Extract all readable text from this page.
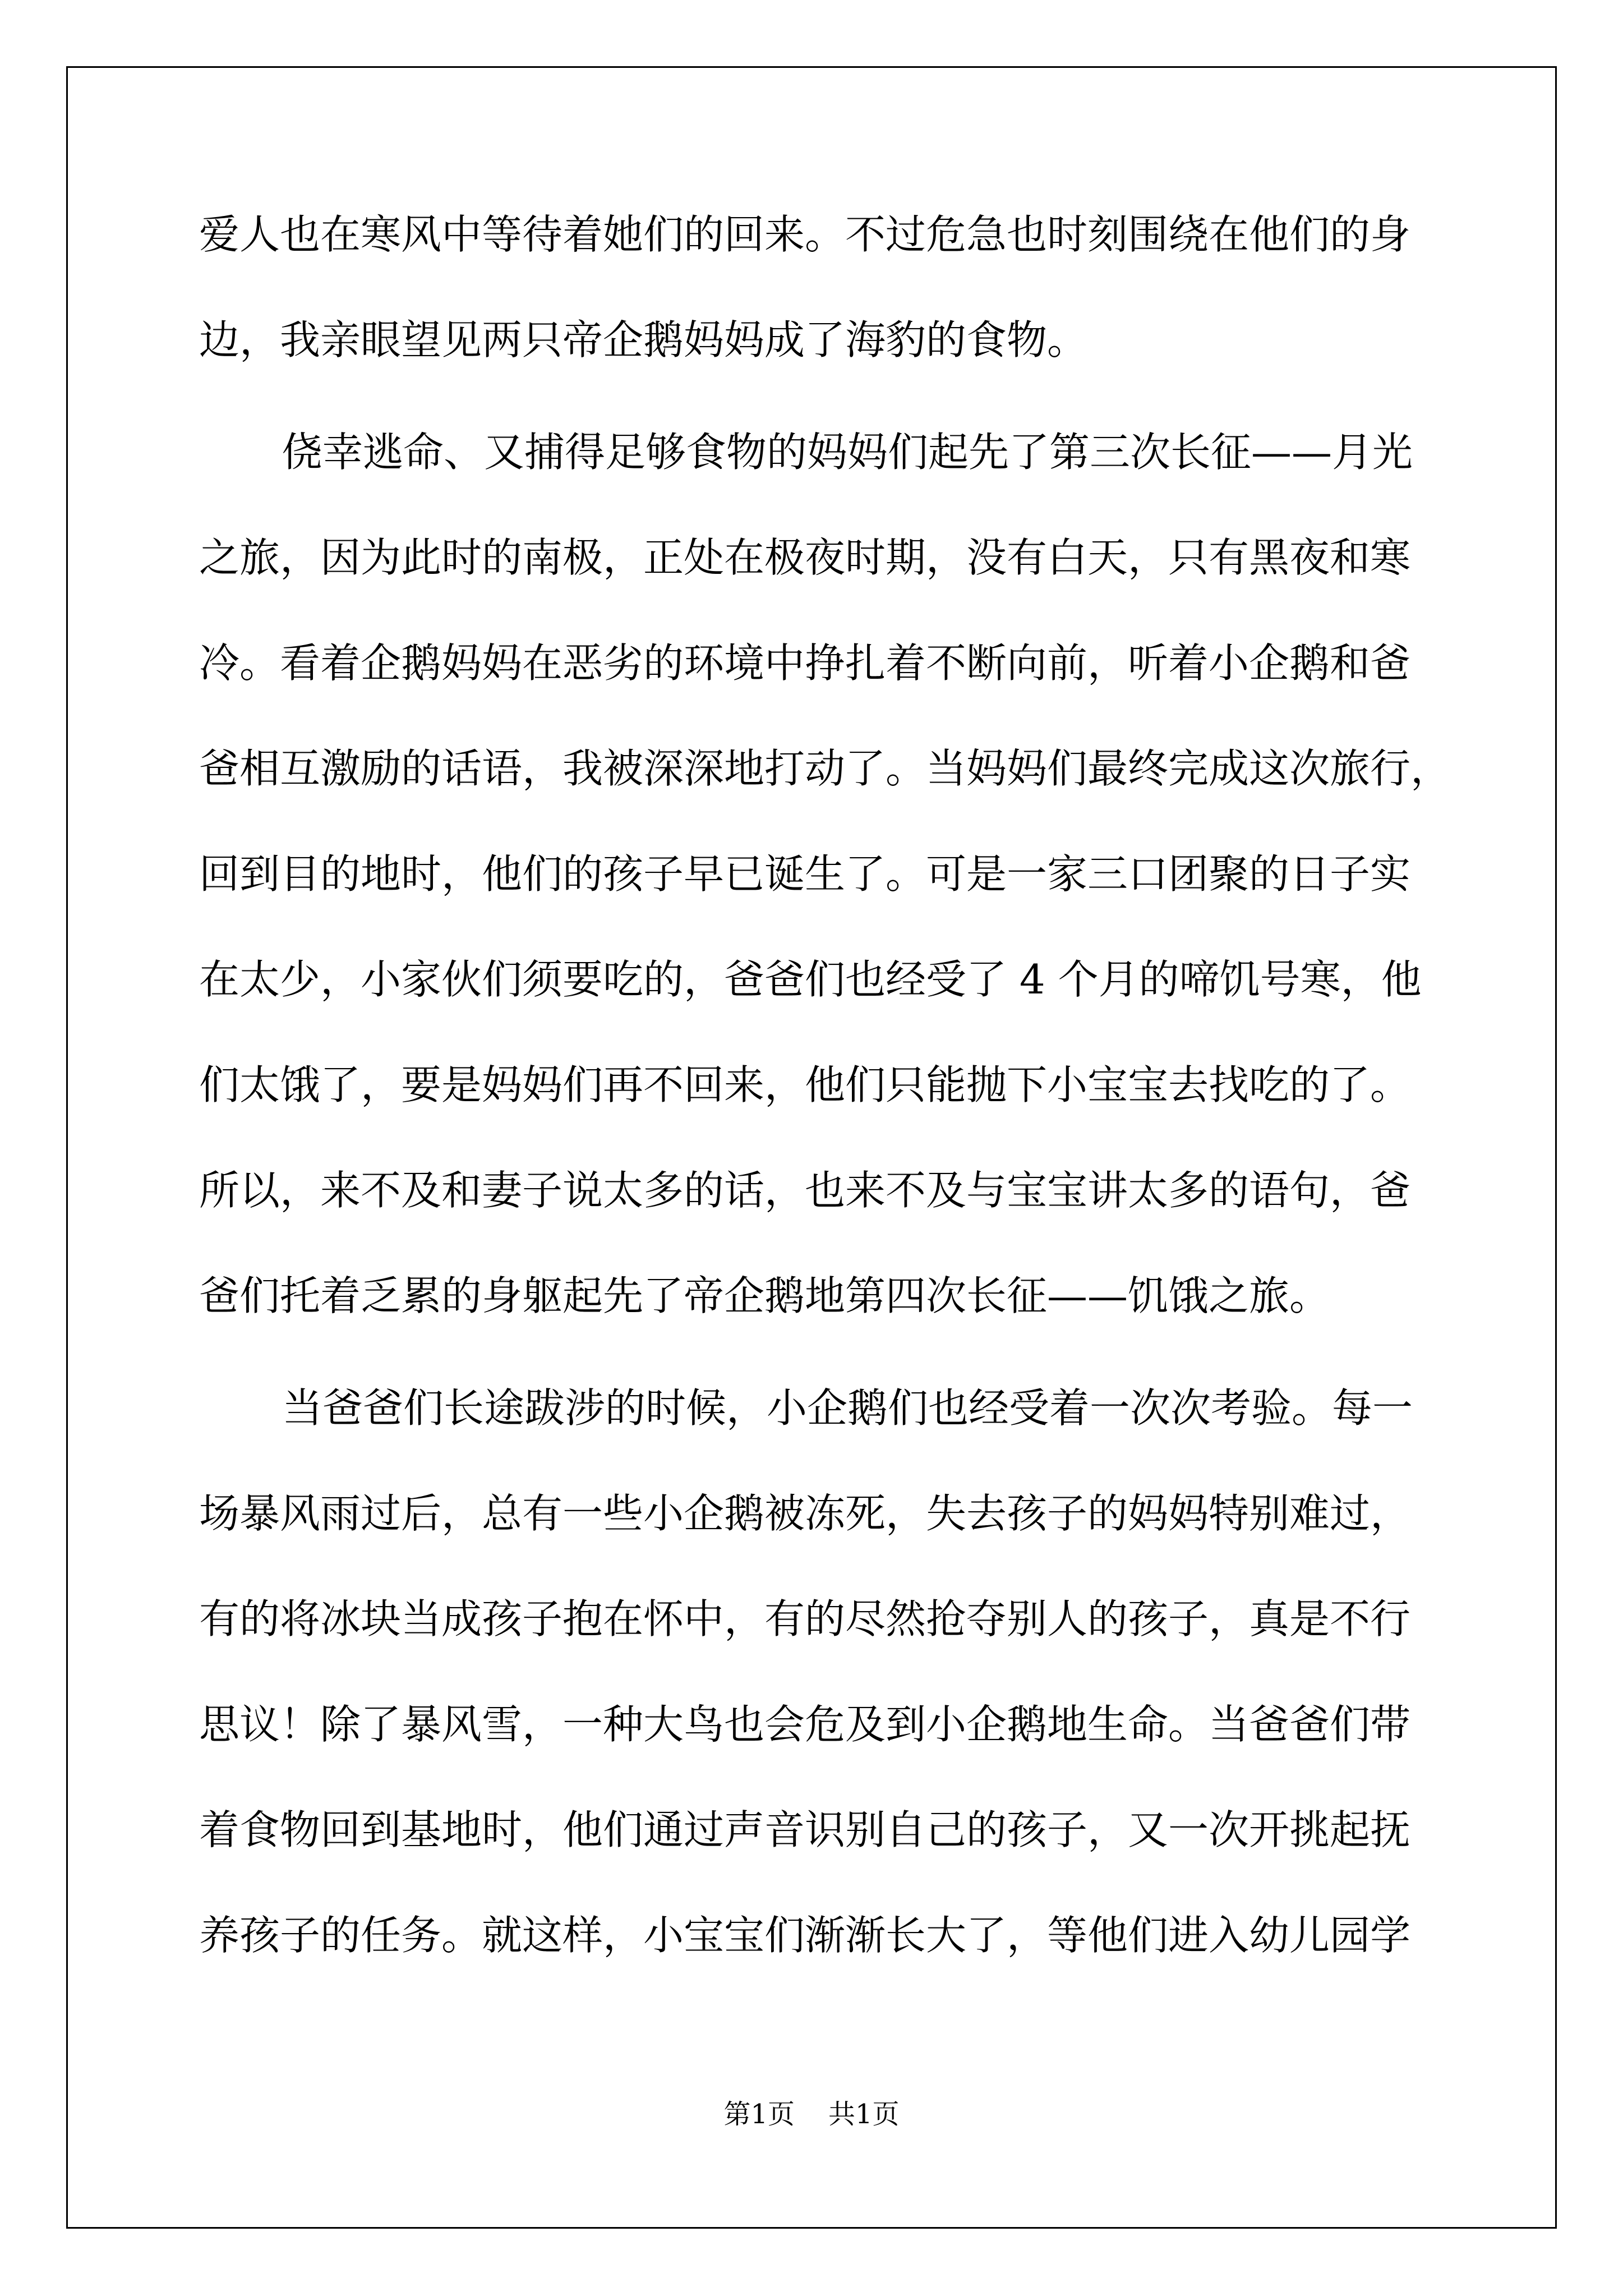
爱人也在寒风中等待着她们的回来。不过危急也时刻围绕在他们的身
边，我亲眼望见两只帝企鹅妈妈成了海豹的食物。
侥幸逃命、又捕得足够食物的妈妈们起先了第三次长征——月光
之旅，因为此时的南极，正处在极夜时期，没有白天，只有黑夜和寒
冷。看着企鹅妈妈在恶劣的环境中挣扎着不断向前，听着小企鹅和爸
爸相互激励的话语，我被深深地打动了。当妈妈们最终完成这次旅行，
回到目的地时，他们的孩子早已诞生了。可是一家三口团聚的日子实
在太少，小家伙们须要吃的，爸爸们也经受了 4 个月的啼饥号寒，他
们太饿了，要是妈妈们再不回来，他们只能抛下小宝宝去找吃的了。
所以，来不及和妻子说太多的话，也来不及与宝宝讲太多的语句，爸
爸们托着乏累的身躯起先了帝企鹅地第四次长征——饥饿之旅。
当爸爸们长途跋涉的时候，小企鹅们也经受着一次次考验。每一
场暴风雨过后，总有一些小企鹅被冻死，失去孩子的妈妈特别难过，
有的将冰块当成孩子抱在怀中，有的尽然抢夺别人的孩子，真是不行
思议！除了暴风雪，一种大鸟也会危及到小企鹅地生命。当爸爸们带
着食物回到基地时，他们通过声音识别自己的孩子，又一次开挑起抚
养孩子的任务。就这样，小宝宝们渐渐长大了，等他们进入幼儿园学
第1页 共1页
